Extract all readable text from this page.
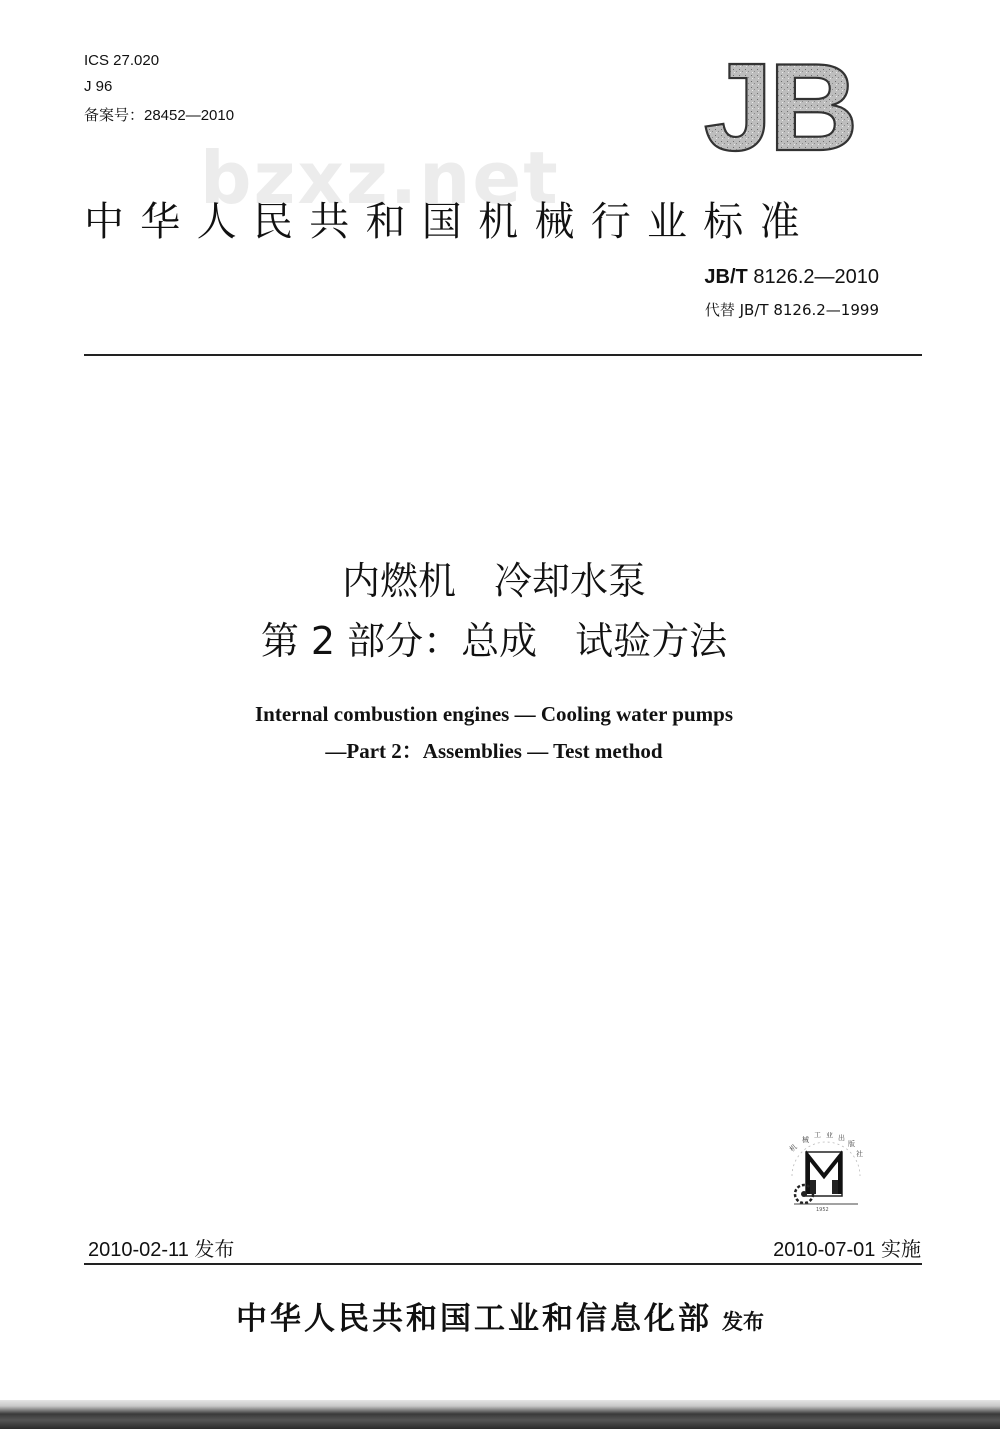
ICS 27.020
J 96
备案号：28452—2010	JB
bzxz.net
中华人民共和国机械行业标准
JB/T 8126.2—2010
代替 JB/T 8126.2—1999
内燃机　冷却水泵
第 2 部分：总成　试验方法
Internal combustion engines — Cooling water pumps
—Part 2：Assemblies — Test method
机
械
工 业 出
版
社
1952
2010-02-11 发布	2010-07-01 实施
中华人民共和国工业和信息化部 发布
